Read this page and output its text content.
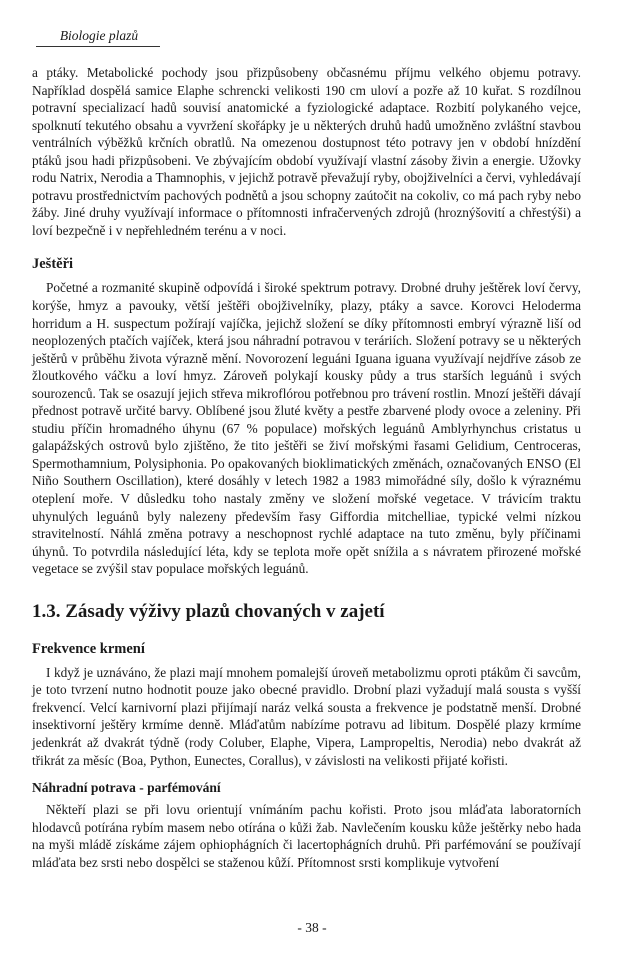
Biologie plazů

a ptáky. Metabolické pochody jsou přizpůsobeny občasnému příjmu velkého objemu potravy. Například dospělá samice Elaphe schrencki velikosti 190 cm uloví a pozře až 10 kuřat. S rozdílnou potravní specializací hadů souvisí anatomické a fyziologické adaptace. Rozbití polykaného vejce, spolknutí tekutého obsahu a vyvržení skořápky je u některých druhů hadů umožněno zvláštní stavbou ventrálních výběžků krčních obratlů. Na omezenou dostupnost této potravy jen v období hnízdění ptáků jsou hadi přizpůsobeni. Ve zbývajícím období využívají vlastní zásoby živin a energie. Užovky rodu Natrix, Nerodia a Thamnophis, v jejichž potravě převažují ryby, obojživelníci a červi, vyhledávají potravu prostřednictvím pachových podnětů a jsou schopny zaútočit na cokoliv, co má pach ryby nebo žáby. Jiné druhy využívají informace o přítomnosti infračervených zdrojů (hroznýšovití a chřestýši) a loví bezpečně i v nepřehledném terénu a v noci.

Ještěři

Početné a rozmanité skupině odpovídá i široké spektrum potravy. Drobné druhy ještěrek loví červy, korýše, hmyz a pavouky, větší ještěři obojživelníky, plazy, ptáky a savce. Korovci Heloderma horridum a H. suspectum požírají vajíčka, jejichž složení se díky přítomnosti embryí výrazně liší od neoplozených ptačích vajíček, která jsou náhradní potravou v teráriích. Složení potravy se u některých ještěrů v průběhu života výrazně mění. Novorození leguáni Iguana iguana využívají nejdříve zásob ze žloutkového váčku a loví hmyz. Zároveň polykají kousky půdy a trus starších leguánů i svých sourozenců. Tak se osazují jejich střeva mikroflórou potřebnou pro trávení rostlin. Mnozí ještěři dávají přednost potravě určité barvy. Oblíbené jsou žluté květy a pestře zbarvené plody ovoce a zeleniny. Při studiu příčin hromadného úhynu (67 % populace) mořských leguánů Amblyrhynchus cristatus u galapážských ostrovů bylo zjištěno, že tito ještěři se živí mořskými řasami Gelidium, Centroceras, Spermothamnium, Polysiphonia. Po opakovaných bioklimatických změnách, označovaných ENSO (El Niño Southern Oscillation), které dosáhly v letech 1982 a 1983 mimořádné síly, došlo k výraznému oteplení moře. V důsledku toho nastaly změny ve složení mořské vegetace. V trávicím traktu uhynulých leguánů byly nalezeny především řasy Giffordia mitchelliae, typické velmi nízkou stravitelností. Náhlá změna potravy a neschopnost rychlé adaptace na tuto změnu, byly příčinami úhynů. To potvrdila následující léta, kdy se teplota moře opět snížila a s návratem přirozené mořské vegetace se zvýšil stav populace mořských leguánů.

1.3. Zásady výživy plazů chovaných v zajetí
Frekvence krmení

I když je uznáváno, že plazi mají mnohem pomalejší úroveň metabolizmu oproti ptákům či savcům, je toto tvrzení nutno hodnotit pouze jako obecné pravidlo. Drobní plazi vyžadují malá sousta s vyšší frekvencí. Velcí karnivorní plazi přijímají naráz velká sousta a frekvence je podstatně menší. Drobné insektivorní ještěry krmíme denně. Mláďatům nabízíme potravu ad libitum. Dospělé plazy krmíme jedenkrát až dvakrát týdně (rody Coluber, Elaphe, Vipera, Lampropeltis, Nerodia) nebo dvakrát až třikrát za měsíc (Boa, Python, Eunectes, Corallus), v závislosti na velikosti přijaté kořisti.

Náhradní potrava - parfémování

Někteří plazi se při lovu orientují vnímáním pachu kořisti. Proto jsou mláďata laboratorních hlodavců potírána rybím masem nebo otírána o kůži žab. Navlečením kousku kůže ještěrky nebo hada na myši mládě získáme zájem ophiophágních či lacertophágních druhů. Při parfémování se používají mláďata bez srsti nebo dospělci se staženou kůží. Přítomnost srsti komplikuje vytvoření

- 38 -
